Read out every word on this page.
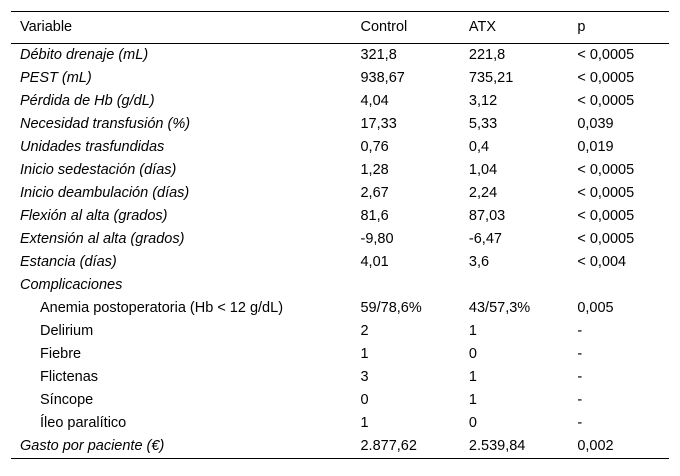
Variable	Control	ATX	p
Débito drenaje (mL)	321,8	221,8	< 0,0005
PEST (mL)	938,67	735,21	< 0,0005
Pérdida de Hb (g/dL)	4,04	3,12	< 0,0005
Necesidad transfusión (%)	17,33	5,33	0,039
Unidades trasfundidas	0,76	0,4	0,019
Inicio sedestación (días)	1,28	1,04	< 0,0005
Inicio deambulación (días)	2,67	2,24	< 0,0005
Flexión al alta (grados)	81,6	87,03	< 0,0005
Extensión al alta (grados)	-9,80	-6,47	< 0,0005
Estancia (días)	4,01	3,6	< 0,004
Complicaciones			
Anemia postoperatoria (Hb < 12 g/dL)	59/78,6%	43/57,3%	0,005
Delirium	2	1	-
Fiebre	1	0	-
Flictenas	3	1	-
Síncope	0	1	-
Íleo paralítico	1	0	-
Gasto por paciente (€)	2.877,62	2.539,84	0,002
